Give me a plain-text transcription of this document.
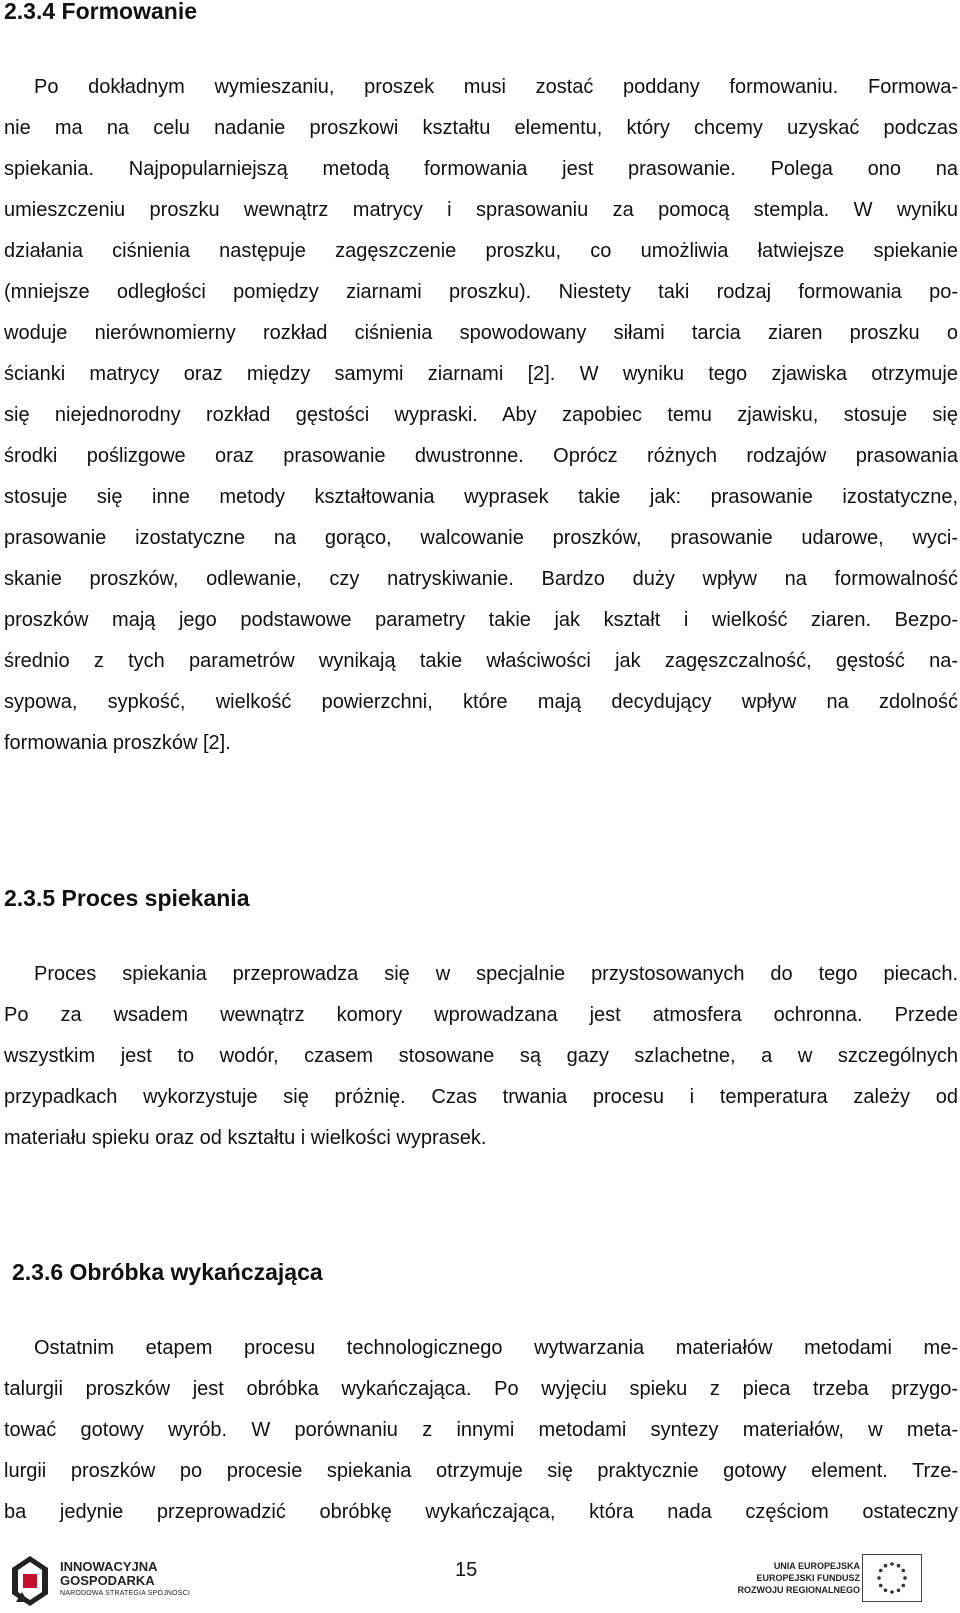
2.3.4 Formowanie
Po dokładnym wymieszaniu, proszek musi zostać poddany formowaniu. Formowa-
nie ma na celu nadanie proszkowi kształtu elementu, który chcemy uzyskać podczas
spiekania. Najpopularniejszą metodą formowania jest prasowanie. Polega ono na
umieszczeniu proszku wewnątrz matrycy i sprasowaniu za pomocą stempla. W wyniku
działania ciśnienia następuje zagęszczenie proszku, co umożliwia łatwiejsze spiekanie
(mniejsze odległości pomiędzy ziarnami proszku). Niestety taki rodzaj formowania po-
woduje nierównomierny rozkład ciśnienia spowodowany siłami tarcia ziaren proszku o
ścianki matrycy oraz między samymi ziarnami [2]. W wyniku tego zjawiska otrzymuje
się niejednorodny rozkład gęstości wypraski. Aby zapobiec temu zjawisku, stosuje się
środki poślizgowe oraz prasowanie dwustronne. Oprócz różnych rodzajów prasowania
stosuje się inne metody kształtowania wyprasek takie jak: prasowanie izostatyczne,
prasowanie izostatyczne na gorąco, walcowanie proszków, prasowanie udarowe, wyci-
skanie proszków, odlewanie, czy natryskiwanie. Bardzo duży wpływ na formowalność
proszków mają jego podstawowe parametry takie jak kształt i wielkość ziaren. Bezpo-
średnio z tych parametrów wynikają takie właściwości jak zagęszczalność, gęstość na-
sypowa, sypkość, wielkość powierzchni, które mają decydujący wpływ na zdolność
formowania proszków [2].
2.3.5 Proces spiekania
Proces spiekania przeprowadza się w specjalnie przystosowanych do tego piecach.
Po za wsadem wewnątrz komory wprowadzana jest atmosfera ochronna. Przede
wszystkim jest to wodór, czasem stosowane są gazy szlachetne, a w szczególnych
przypadkach wykorzystuje się próżnię. Czas trwania procesu i temperatura zależy od
materiału spieku oraz od kształtu i wielkości wyprasek.
2.3.6 Obróbka wykańczająca
Ostatnim etapem procesu technologicznego wytwarzania materiałów metodami me-
talurgii proszków jest obróbka wykańczająca. Po wyjęciu spieku z pieca trzeba przygo-
tować gotowy wyrób. W porównaniu z innymi metodami syntezy materiałów, w meta-
lurgii proszków po procesie spiekania otrzymuje się praktycznie gotowy element. Trze-
ba jedynie przeprowadzić obróbkę wykańczająca, która nada częściom ostateczny
INNOWACYJNA
GOSPODARKA
NARODOWA STRATEGIA SPÓJNOŚCI
15	UNIA EUROPEJSKA
EUROPEJSKI FUNDUSZ
ROZWOJU REGIONALNEGO
